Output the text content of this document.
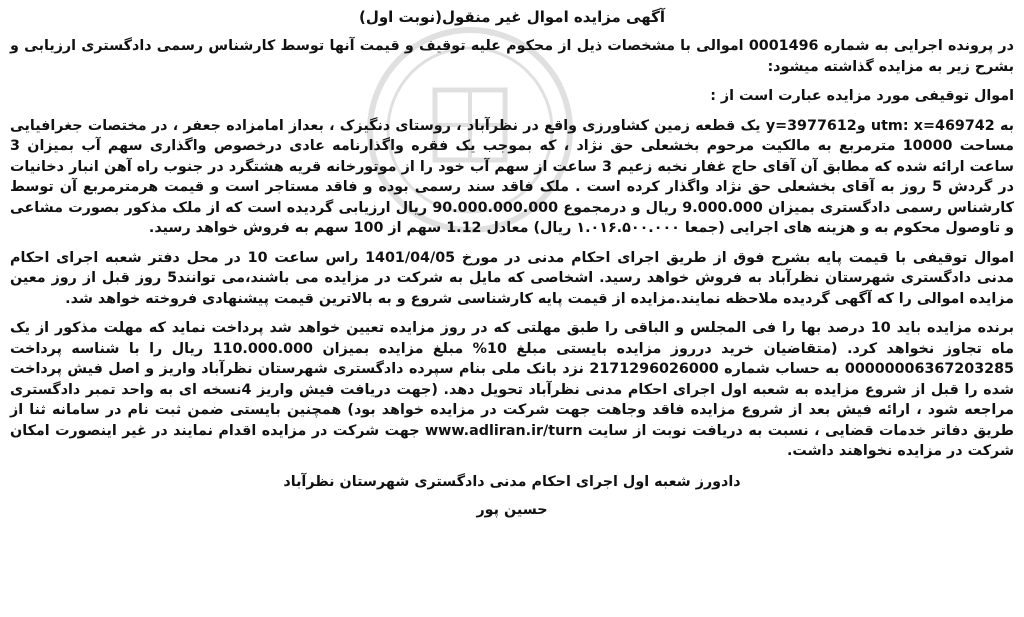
آگهی مزایده اموال غیر منقول(نوبت اول)

در پرونده اجرایی به شماره 0001496 اموالی با مشخصات ذیل از محکوم علیه توقیف و قیمت آنها توسط کارشناس رسمی دادگستری ارزیابی و بشرح زیر به مزایده گذاشته میشود:

اموال توقیفی مورد مزایده عبارت است از :

به utm: x=469742 وy=3977612 یک قطعه زمین کشاورزی واقع در نظرآباد ، روستای دنگیزک ، بعداز امامزاده جعفر ، در مختصات جغرافیایی مساحت 10000 مترمربع به مالکیت مرحوم بخشعلی حق نژاد ، که بموجب یک فقره واگذارنامه عادی درخصوص واگذاری سهم آب بمیزان 3 ساعت ارائه شده که مطابق آن آقای حاج غفار نخبه زعیم 3 ساعت از سهم آب خود را از موتورخانه قریه هشتگرد در جنوب راه آهن انبار دخانیات در گردش 5 روز به آقای بخشعلی حق نژاد واگذار کرده است . ملک فاقد سند رسمی بوده و فاقد مستاجر است و قیمت هرمترمربع آن توسط کارشناس رسمی دادگستری بمیزان 9.000.000 ریال و درمجموع 90.000.000.000 ریال ارزیابی گردیده است که از ملک مذکور بصورت مشاعی و تاوصول محکوم به و هزینه های اجرایی (جمعا ۱.۰۱۶.۵۰۰.۰۰۰ ریال) معادل 1.12 سهم از 100 سهم به فروش خواهد رسید.

اموال توقیفی با قیمت پایه بشرح فوق از طریق اجرای احکام مدنی در مورخ 1401/04/05 راس ساعت 10 در محل دفتر شعبه اجرای احکام مدنی دادگستری شهرستان نظرآباد به فروش خواهد رسید. اشخاصی که مایل به شرکت در مزایده می باشند،می توانند5 روز قبل از روز معین مزایده اموالی را که آگهی گردیده ملاحظه نمایند.مزایده از قیمت پایه کارشناسی شروع و به بالاترین قیمت پیشنهادی فروخته خواهد شد.

برنده مزایده باید 10 درصد بها را فی المجلس و الباقی را طبق مهلتی که در روز مزایده تعیین خواهد شد پرداخت نماید که مهلت مذکور از یک ماه تجاوز نخواهد کرد. (متقاضیان خرید درروز مزایده بایستی مبلغ 10% مبلغ مزایده بمیزان 110.000.000 ریال را با شناسه پرداخت 00000006367203285 به حساب شماره 2171296026000 نزد بانک ملی بنام سپرده دادگستری شهرستان نظرآباد واریز و اصل فیش پرداخت شده را قبل از شروع مزایده به شعبه اول اجرای احکام مدنی نظرآباد تحویل دهد. (جهت دریافت فیش واریز 4نسخه ای به واحد تمبر دادگستری مراجعه شود ، ارائه فیش بعد از شروع مزایده فاقد وجاهت جهت شرکت در مزایده خواهد بود) همچنین بایستی ضمن ثبت نام در سامانه ثنا از طریق دفاتر خدمات قضایی ، نسبت به دریافت نوبت از سایت www.adliran.ir/turn جهت شرکت در مزایده اقدام نمایند در غیر اینصورت امکان شرکت در مزایده نخواهند داشت.

دادورز شعبه اول اجرای احکام مدنی دادگستری شهرستان نظرآباد
حسین پور
